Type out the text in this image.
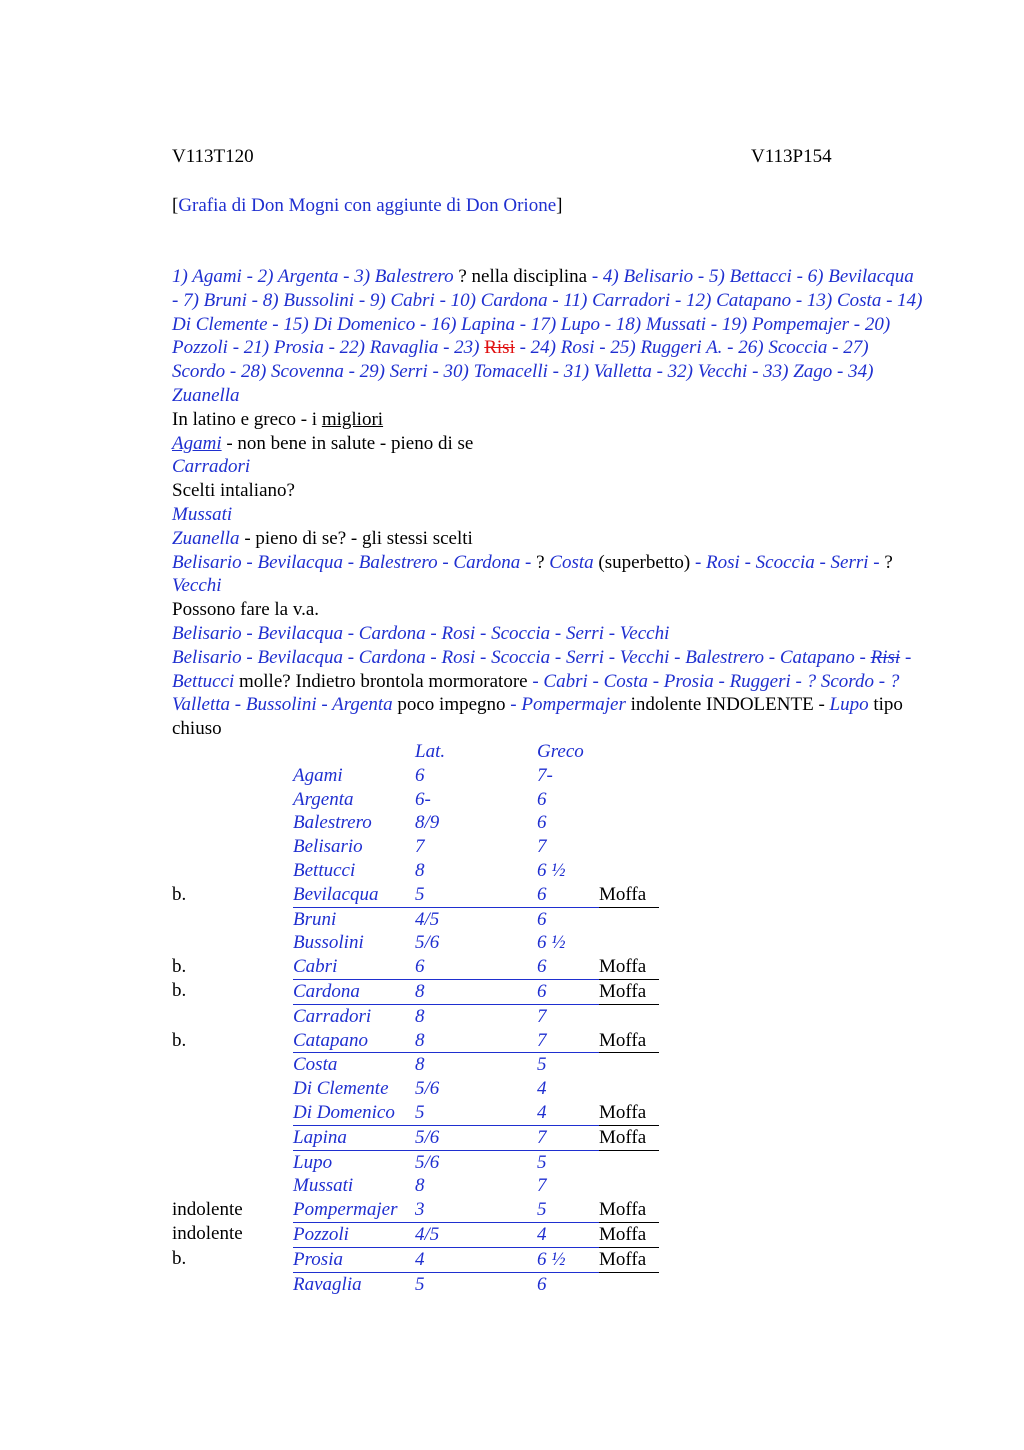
V113T120	V113P154
[Grafia di Don Mogni con aggiunte di Don Orione]

1) Agami - 2) Argenta - 3) Balestrero ? nella disciplina - 4) Belisario - 5) Bettacci - 6) Bevilacqua - 7) Bruni - 8) Bussolini - 9) Cabri - 10) Cardona - 11) Carradori - 12) Catapano - 13) Costa - 14) Di Clemente - 15) Di Domenico - 16) Lapina - 17) Lupo - 18) Mussati - 19) Pompemajer - 20) Pozzoli - 21) Prosia - 22) Ravaglia - 23) Risi - 24) Rosi - 25) Ruggeri A. - 26) Scoccia - 27) Scordo - 28) Scovenna - 29) Serri - 30) Tomacelli - 31) Valletta - 32) Vecchi - 33) Zago - 34) Zuanella

In latino e greco - i migliori

Agami - non bene in salute - pieno di se

Carradori

Scelti intaliano?

Mussati

Zuanella - pieno di se? - gli stessi scelti

Belisario - Bevilacqua - Balestrero - Cardona - ? Costa (superbetto) - Rosi - Scoccia - Serri - ? Vecchi

Possono fare la v.a.

Belisario - Bevilacqua - Cardona - Rosi - Scoccia - Serri - Vecchi

Belisario - Bevilacqua - Cardona - Rosi - Scoccia - Serri - Vecchi - Balestrero - Catapano - Risi - Bettucci molle? Indietro brontola mormoratore - Cabri - Costa - Prosia - Ruggeri - ? Scordo - ? Valletta - Bussolini - Argenta poco impegno - Pompermajer indolente INDOLENTE - Lupo tipo chiuso

		Lat.	Greco	
	Agami	6	7-	
	Argenta	6-	6	
	Balestrero	8/9	6	
	Belisario	7	7	
	Bettucci	8	6 ½	
b.	Bevilacqua	5	6	Moffa
	Bruni	4/5	6	
	Bussolini	5/6	6 ½	
b.	Cabri	6	6	Moffa
b.	Cardona	8	6	Moffa
	Carradori	8	7	
b.	Catapano	8	7	Moffa
	Costa	8	5	
	Di Clemente	5/6	4	
	Di Domenico	5	4	Moffa
	Lapina	5/6	7	Moffa
	Lupo	5/6	5	
	Mussati	8	7	
indolente	Pompermajer	3	5	Moffa
indolente	Pozzoli	4/5	4	Moffa
b.	Prosia	4	6 ½	Moffa
	Ravaglia	5	6	
